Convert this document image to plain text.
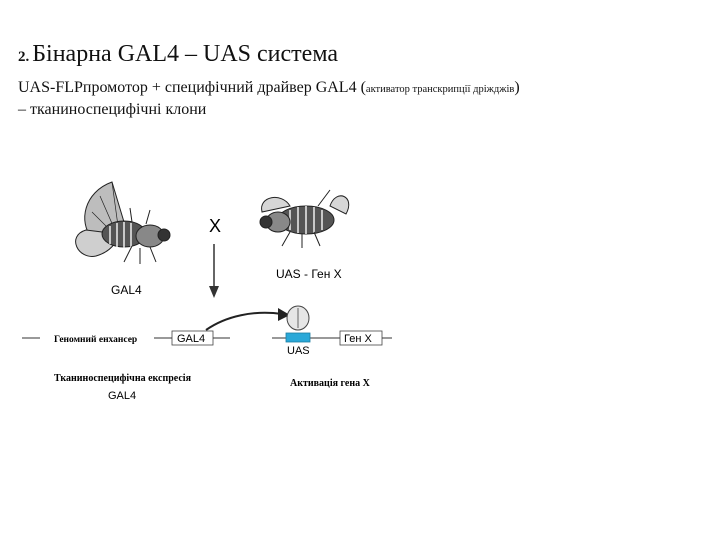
2. Бінарна GAL4 – UAS система
UAS-FLPпромотор + специфічний драйвер GAL4 (активатор транскрипції дріжджів)
– тканиноспецифічні клони
X
GAL4
UAS - Ген X
Геномний енхансер	GAL4
UAS
Ген X
Тканиноспецифічна експресія
GAL4
Активація гена X
